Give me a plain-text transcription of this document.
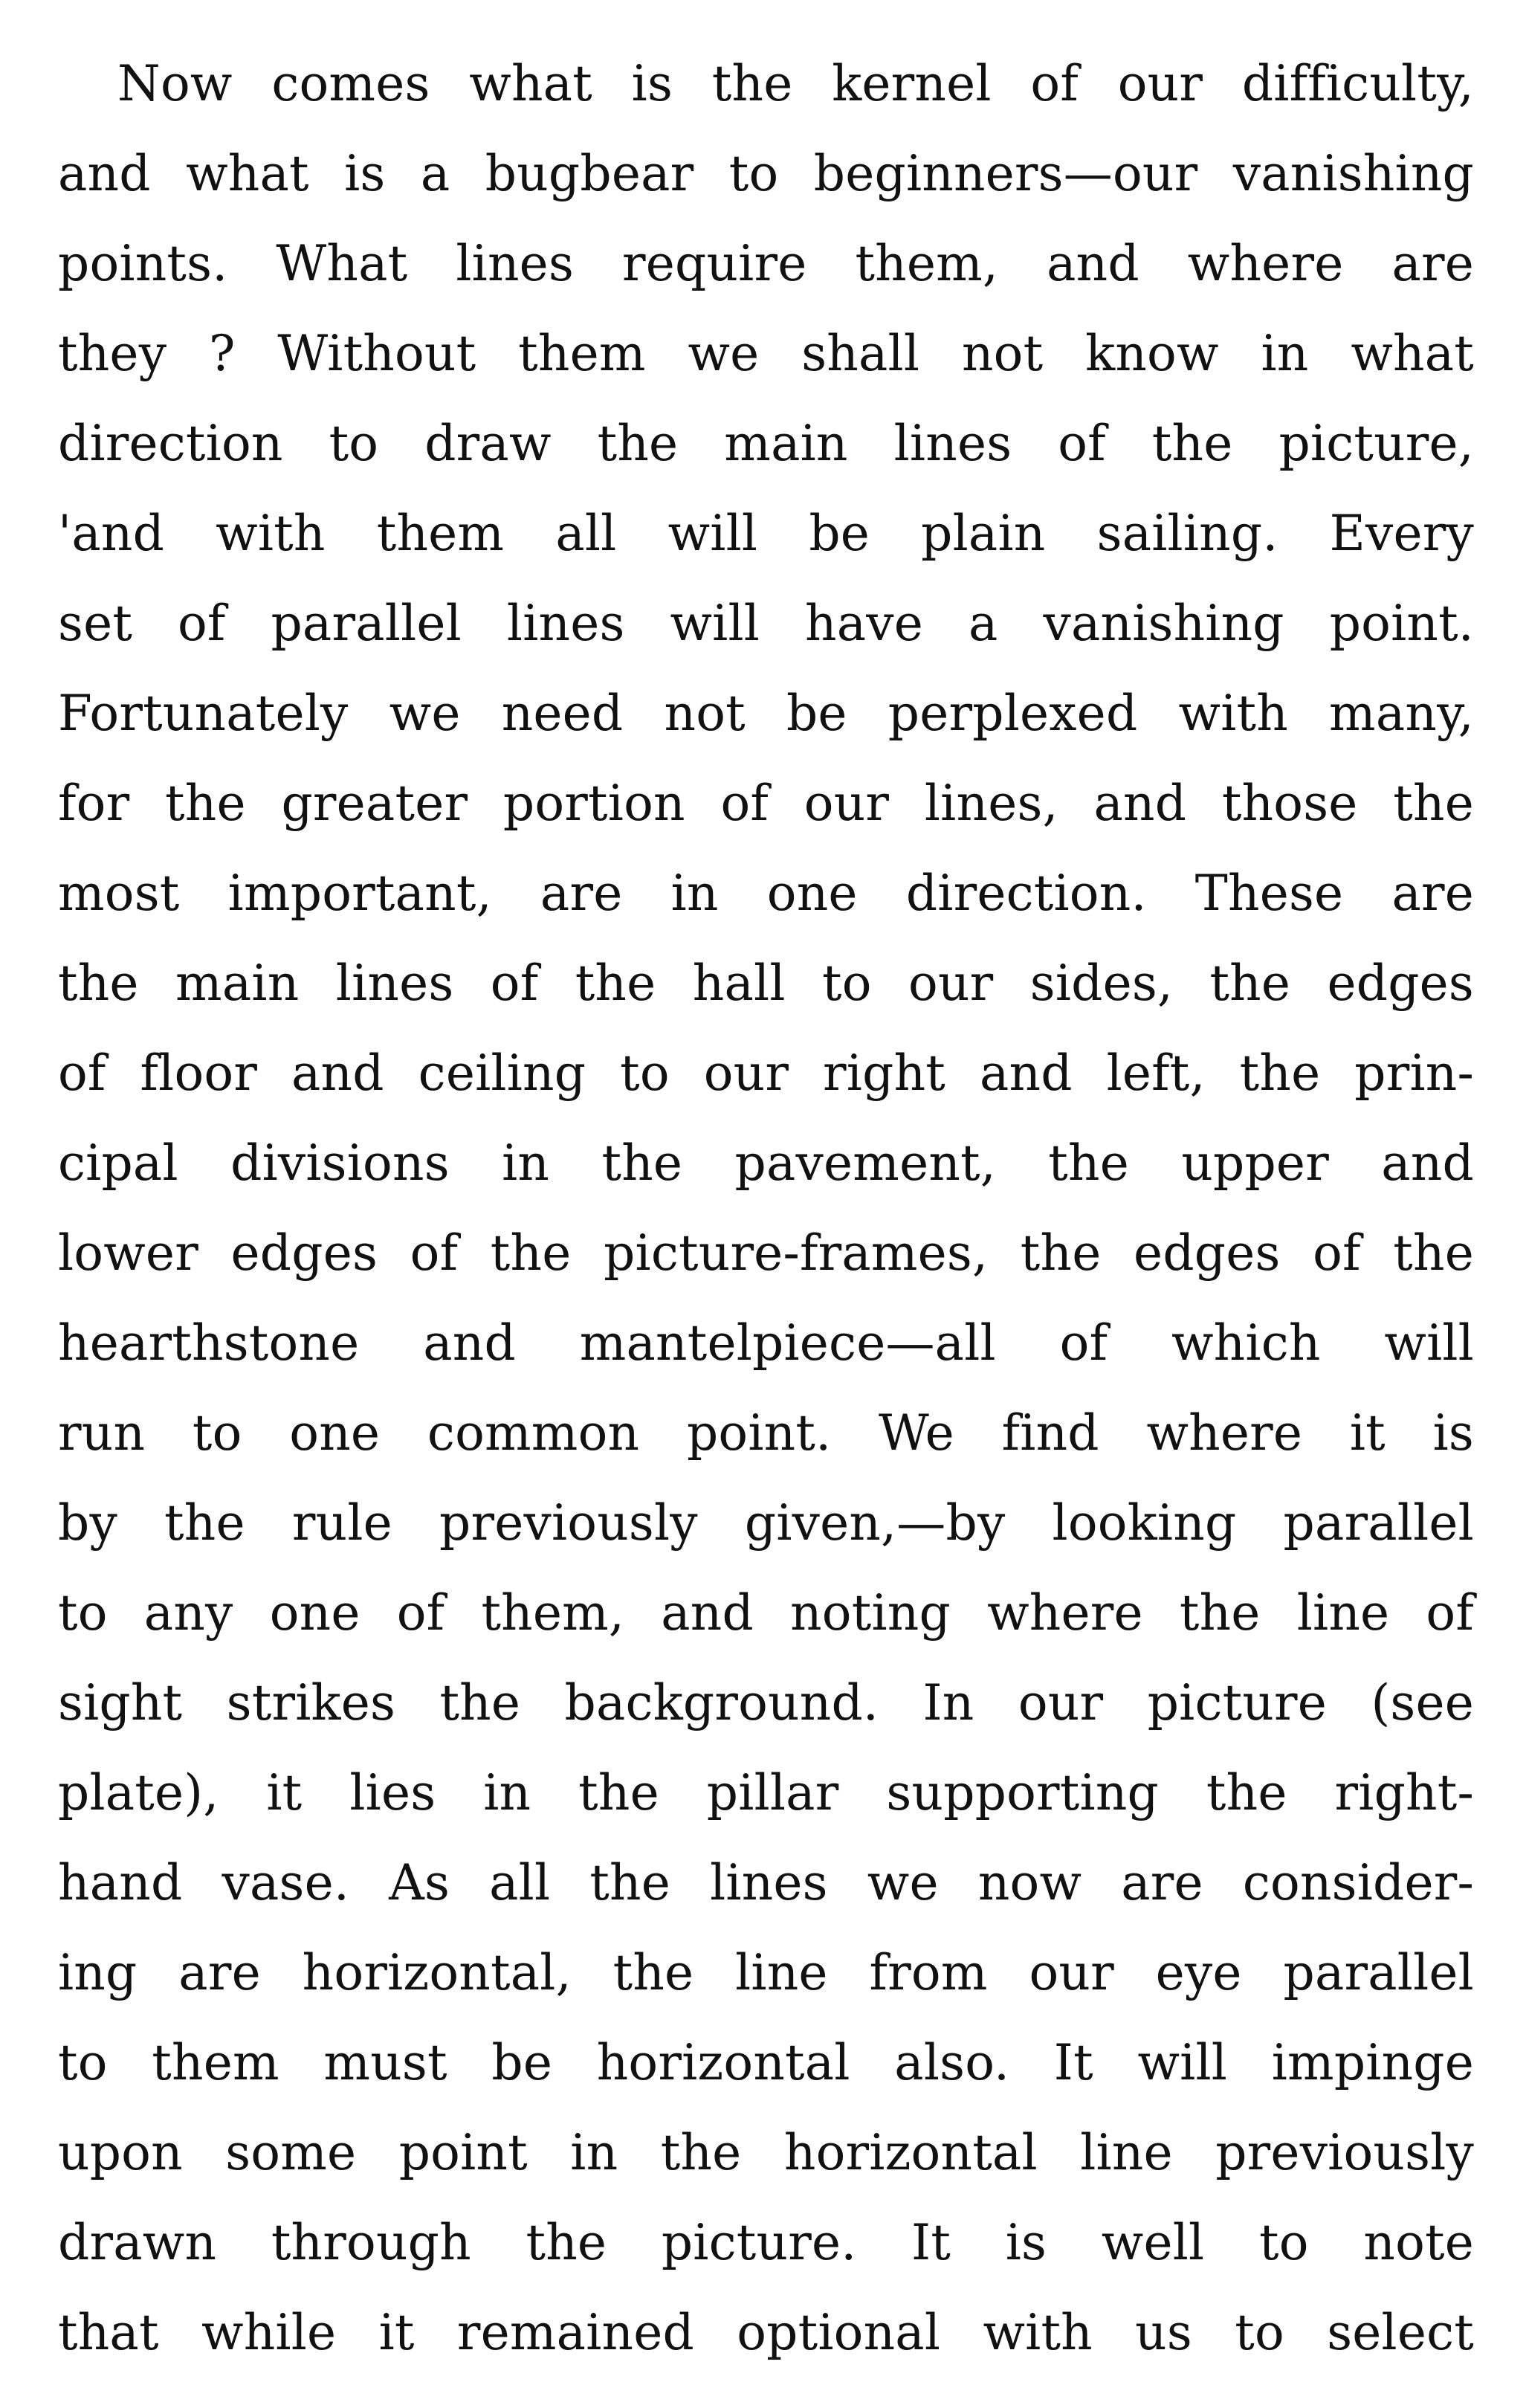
Now comes what is the kernel of our difficulty,
and what is a bugbear to beginners—our vanishing
points. What lines require them, and where are
they ? Without them we shall not know in what
direction to draw the main lines of the picture,
'and with them all will be plain sailing. Every
set of parallel lines will have a vanishing point.
Fortunately we need not be perplexed with many,
for the greater portion of our lines, and those the
most important, are in one direction. These are
the main lines of the hall to our sides, the edges
of floor and ceiling to our right and left, the prin-
cipal divisions in the pavement, the upper and
lower edges of the picture-frames, the edges of the
hearthstone and mantelpiece—all of which will
run to one common point. We find where it is
by the rule previously given,—by looking parallel
to any one of them, and noting where the line of
sight strikes the background. In our picture (see
plate), it lies in the pillar supporting the right-
hand vase. As all the lines we now are consider-
ing are horizontal, the line from our eye parallel
to them must be horizontal also. It will impinge
upon some point in the horizontal line previously
drawn through the picture. It is well to note
that while it remained optional with us to select
